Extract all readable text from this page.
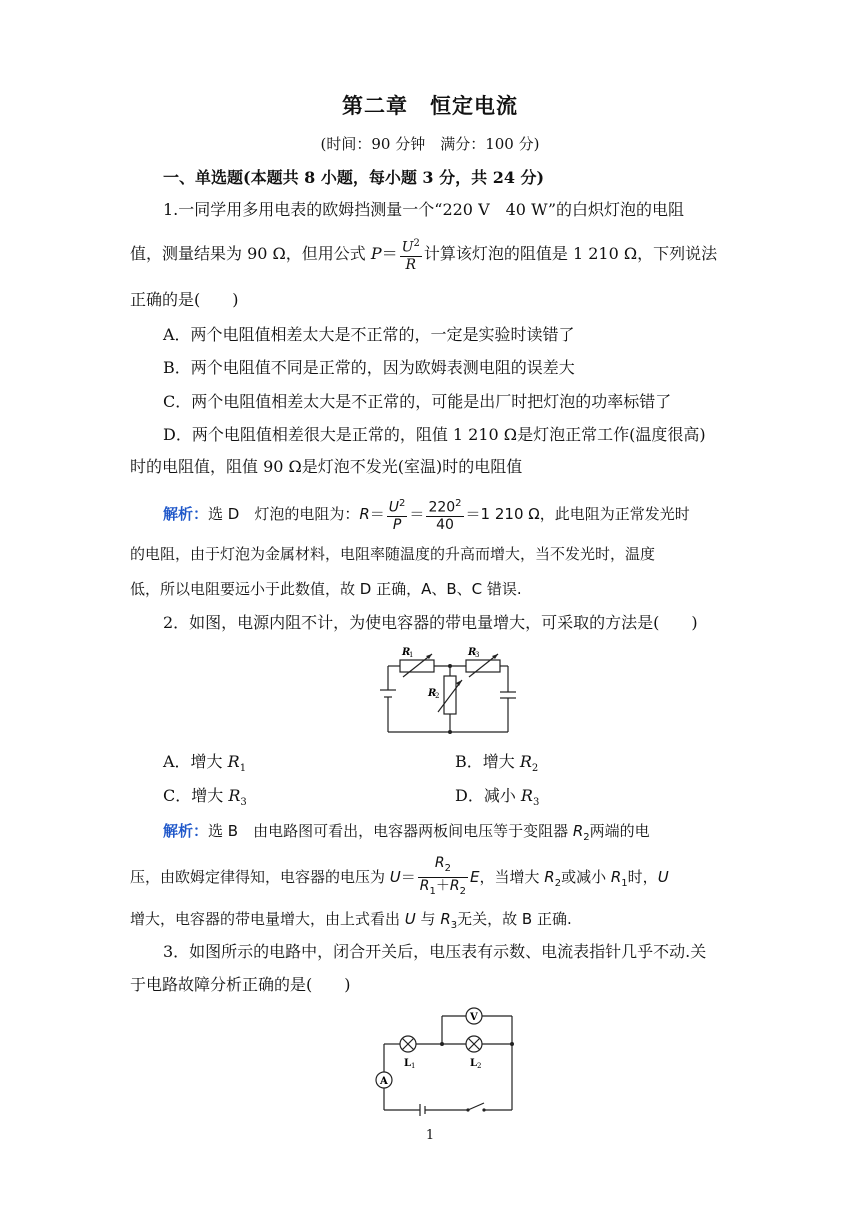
第二章　恒定电流
(时间：90 分钟　满分：100 分)
一、单选题(本题共 8 小题，每小题 3 分，共 24 分)
1.一同学用多用电表的欧姆挡测量一个“220 V　40 W”的白炽灯泡的电阻
值，测量结果为 90 Ω，但用公式 $P= \frac{U^2}{R}$ 计算该灯泡的阻值是 1 210 Ω，下列说法
正确的是(　　)
A．两个电阻值相差太大是不正常的，一定是实验时读错了
B．两个电阻值不同是正常的，因为欧姆表测电阻的误差大
C．两个电阻值相差太大是不正常的，可能是出厂时把灯泡的功率标错了
D．两个电阻值相差很大是正常的，阻值 1 210 Ω是灯泡正常工作(温度很高)
时的电阻值，阻值 90 Ω是灯泡不发光(室温)时的电阻值
解析：选 D　灯泡的电阻为：$R= \frac{U^2}{P} = \frac{220^2}{40} =1$ 210 Ω，此电阻为正常发光时
的电阻，由于灯泡为金属材料，电阻率随温度的升高而增大，当不发光时，温度
低，所以电阻要远小于此数值，故 D 正确，A、B、C 错误.
2．如图，电源内阻不计，为使电容器的带电量增大，可采取的方法是(　　)
R
1	R
3
R
2
A．增大 $R_1$	B．增大 $R_2$
C．增大 $R_3$	D．减小 $R_3$
解析：选 B　由电路图可看出，电容器两板间电压等于变阻器 $R_2$两端的电
压，由欧姆定律得知，电容器的电压为 $U= \frac{R_2}{R_1+R_2}$ E，当增大 $R_2$或减小 $R_1$时，U
增大，电容器的带电量增大，由上式看出 U 与 $R_3$无关，故 B 正确.
3．如图所示的电路中，闭合开关后，电压表有示数、电流表指针几乎不动.关
于电路故障分析正确的是(　　)
V
A
L 1	L 2
1
